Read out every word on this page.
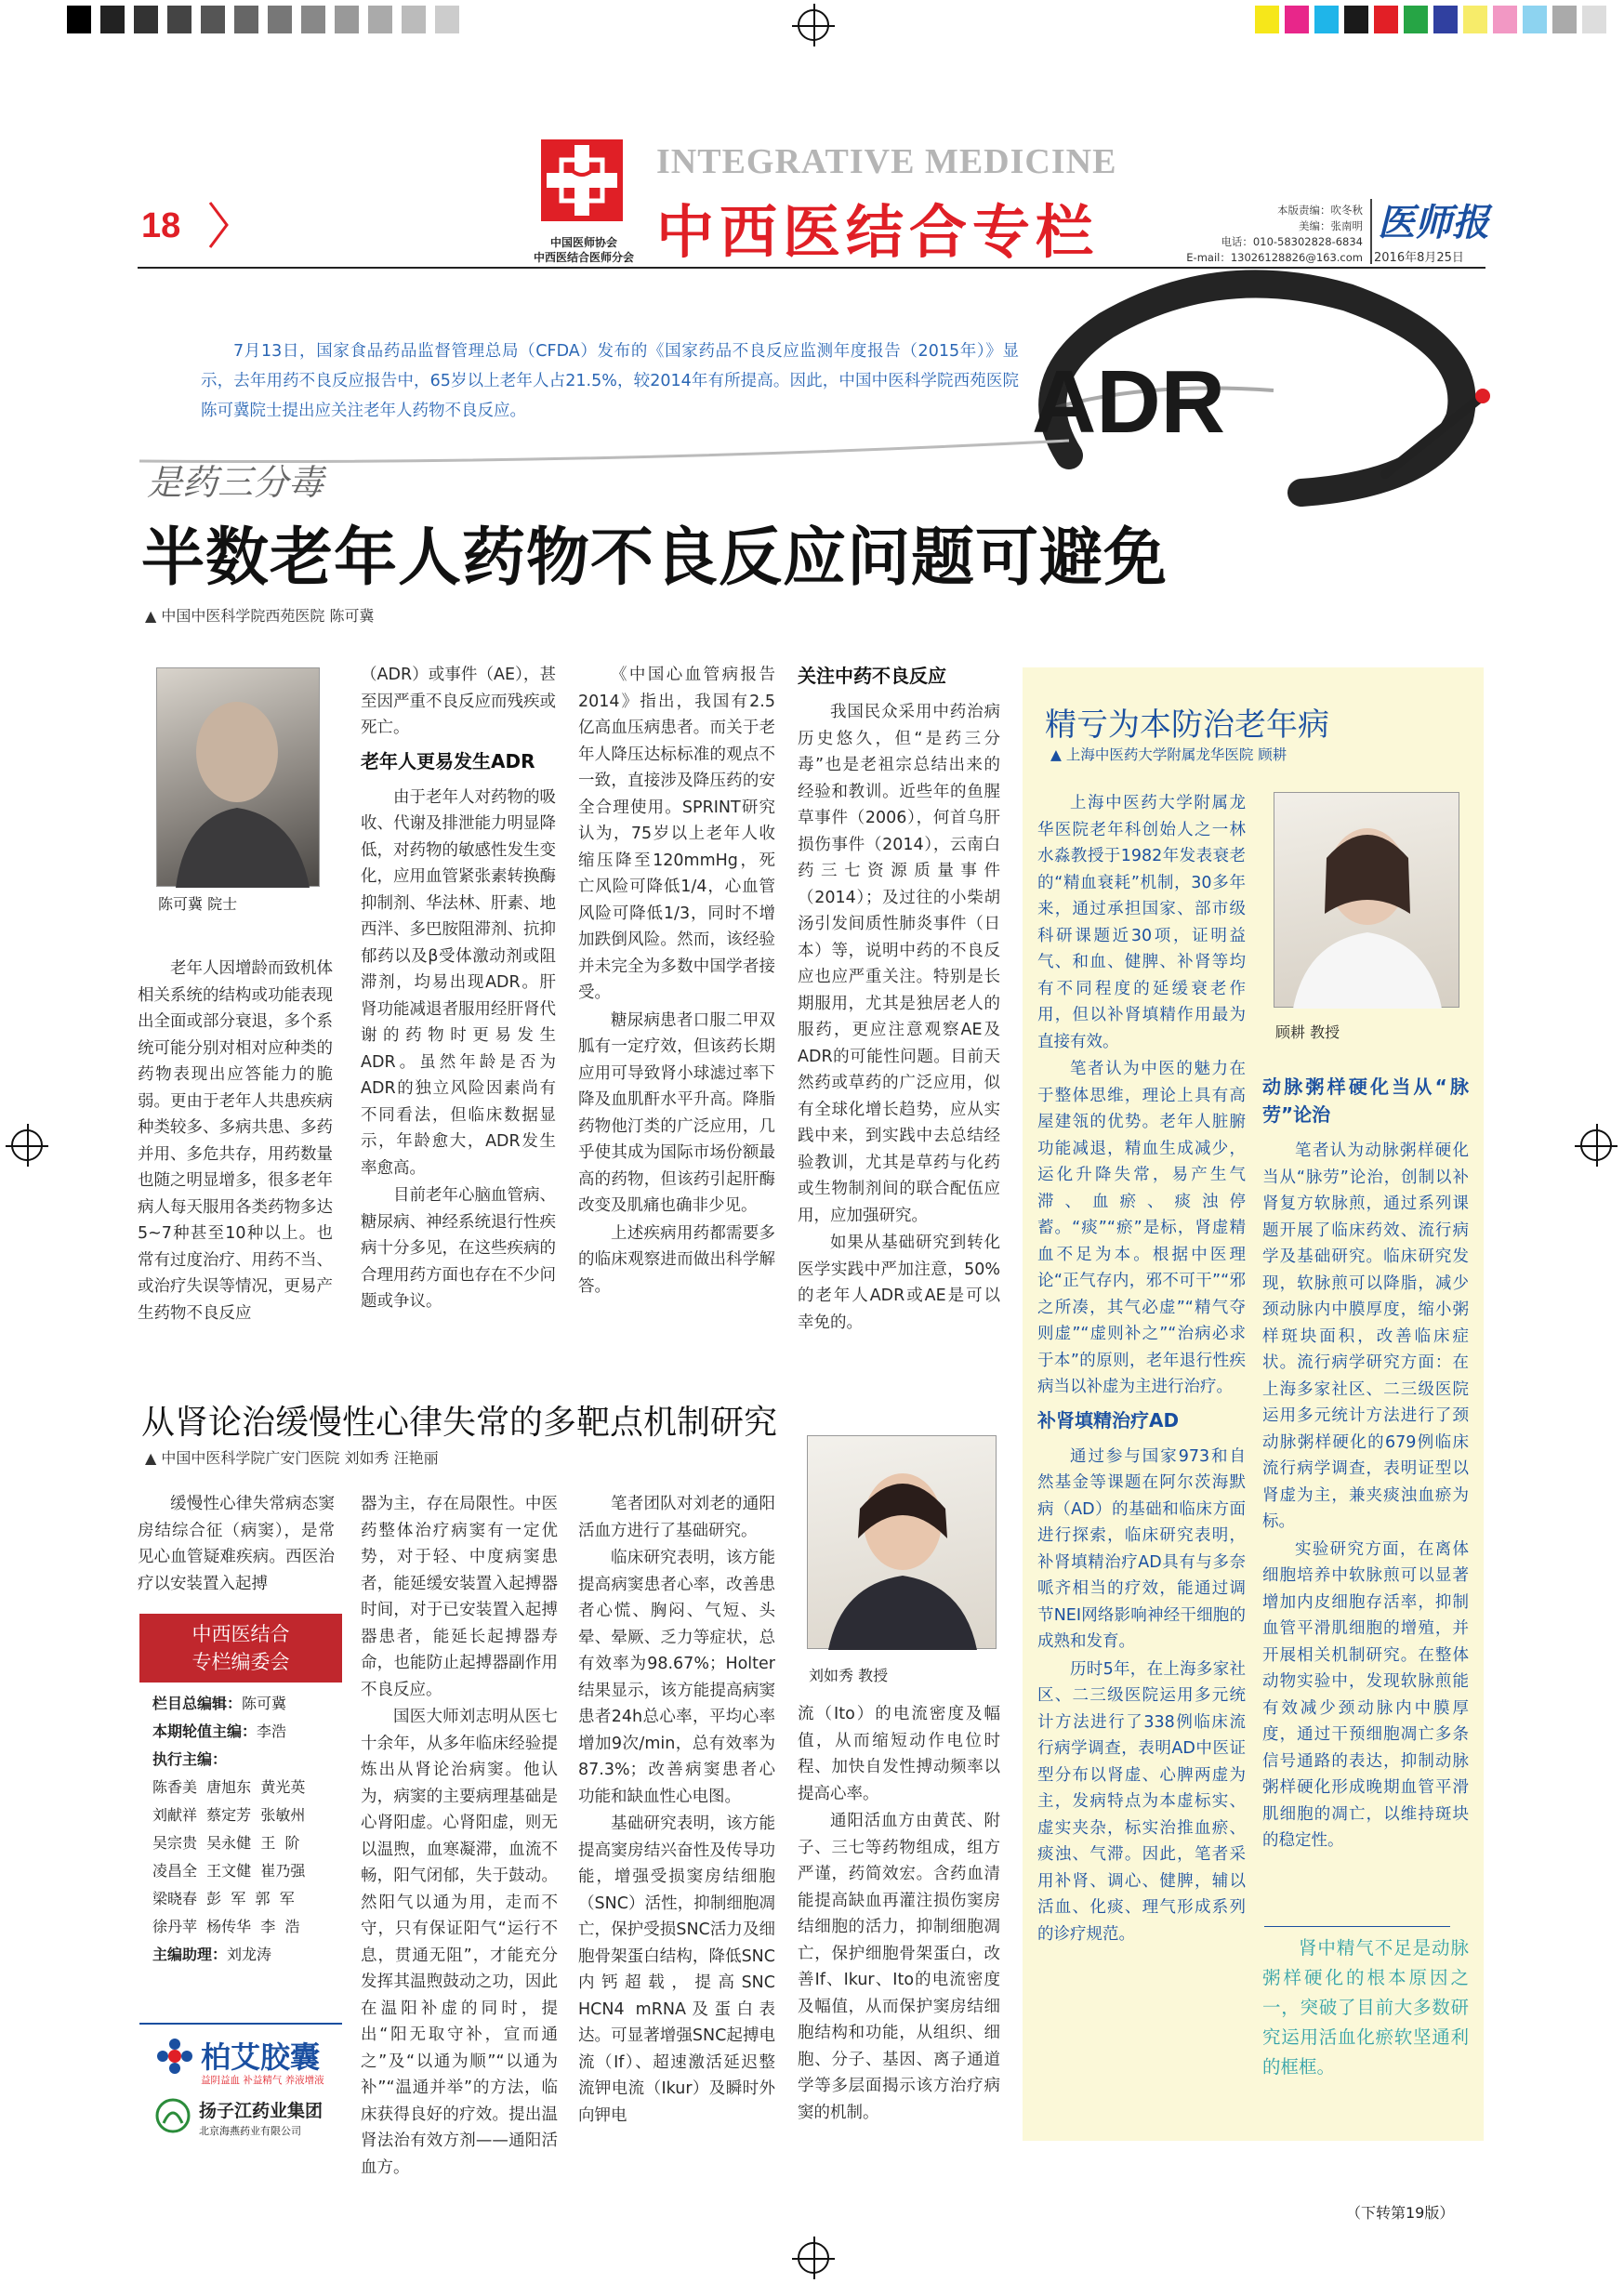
18	中国医师协会
中西医结合医师分会
INTEGRATIVE MEDICINE
中西医结合专栏	本版责编：吹冬秋
美编：张南明
电话：010-58302828-6834
E-mail：13026128826@163.com
医师报
2016年8月25日
7月13日，国家食品药品监督管理总局（CFDA）发布的《国家药品不良反应监测年度报告（2015年）》显示，去年用药不良反应报告中，65岁以上老年人占21.5%，较2014年有所提高。因此，中国中医科学院西苑医院陈可冀院士提出应关注老年人药物不良反应。	ADR
是药三分毒
半数老年人药物不良反应问题可避免
▲ 中国中医科学院西苑医院 陈可冀
陈可冀 院士

老年人因增龄而致机体相关系统的结构或功能表现出全面或部分衰退，多个系统可能分别对相对应种类的药物表现出应答能力的脆弱。更由于老年人共患疾病种类较多、多病共患、多药并用、多危共存，用药数量也随之明显增多，很多老年病人每天服用各类药物多达5~7种甚至10种以上。也常有过度治疗、用药不当、或治疗失误等情况，更易产生药物不良反应

（ADR）或事件（AE），甚至因严重不良反应而残疾或死亡。

老年人更易发生ADR

由于老年人对药物的吸收、代谢及排泄能力明显降低，对药物的敏感性发生变化，应用血管紧张素转换酶抑制剂、华法林、肝素、地西泮、多巴胺阻滞剂、抗抑郁药以及β受体激动剂或阻滞剂，均易出现ADR。肝肾功能减退者服用经肝肾代谢的药物时更易发生ADR。虽然年龄是否为ADR的独立风险因素尚有不同看法，但临床数据显示，年龄愈大，ADR发生率愈高。

目前老年心脑血管病、糖尿病、神经系统退行性疾病十分多见，在这些疾病的合理用药方面也存在不少问题或争议。

《中国心血管病报告2014》指出，我国有2.5亿高血压病患者。而关于老年人降压达标标准的观点不一致，直接涉及降压药的安全合理使用。SPRINT研究认为，75岁以上老年人收缩压降至120mmHg，死亡风险可降低1/4，心血管风险可降低1/3，同时不增加跌倒风险。然而，该经验并未完全为多数中国学者接受。

糖尿病患者口服二甲双胍有一定疗效，但该药长期应用可导致肾小球滤过率下降及血肌酐水平升高。降脂药物他汀类的广泛应用，几乎使其成为国际市场份额最高的药物，但该药引起肝酶改变及肌痛也确非少见。

上述疾病用药都需要多的临床观察进而做出科学解答。

关注中药不良反应

我国民众采用中药治病历史悠久，但“是药三分毒”也是老祖宗总结出来的经验和教训。近些年的鱼腥草事件（2006），何首乌肝损伤事件（2014），云南白药三七资源质量事件（2014）；及过往的小柴胡汤引发间质性肺炎事件（日本）等，说明中药的不良反应也应严重关注。特别是长期服用，尤其是独居老人的服药，更应注意观察AE及ADR的可能性问题。目前天然药或草药的广泛应用，似有全球化增长趋势，应从实践中来，到实践中去总结经验教训，尤其是草药与化药或生物制剂间的联合配伍应用，应加强研究。

如果从基础研究到转化医学实践中严加注意，50%的老年人ADR或AE是可以幸免的。

精亏为本防治老年病
▲ 上海中医药大学附属龙华医院 顾耕
顾耕 教授

上海中医药大学附属龙华医院老年科创始人之一林水淼教授于1982年发表衰老的“精血衰耗”机制，30多年来，通过承担国家、部市级科研课题近30项，证明益气、和血、健脾、补肾等均有不同程度的延缓衰老作用，但以补肾填精作用最为直接有效。

笔者认为中医的魅力在于整体思维，理论上具有高屋建瓴的优势。老年人脏腑功能减退，精血生成减少，运化升降失常，易产生气滞、血瘀、痰浊停蓄。“痰”“瘀”是标，肾虚精血不足为本。根据中医理论“正气存内，邪不可干”“邪之所凑，其气必虚”“精气夺则虚”“虚则补之”“治病必求于本”的原则，老年退行性疾病当以补虚为主进行治疗。

补肾填精治疗AD

通过参与国家973和自然基金等课题在阿尔茨海默病（AD）的基础和临床方面进行探索，临床研究表明，补肾填精治疗AD具有与多奈哌齐相当的疗效，能通过调节NEI网络影响神经干细胞的成熟和发育。

历时5年，在上海多家社区、二三级医院运用多元统计方法进行了338例临床流行病学调查，表明AD中医证型分布以肾虚、心脾两虚为主，发病特点为本虚标实、虚实夹杂，标实治推血瘀、痰浊、气滞。因此，笔者采用补肾、调心、健脾，辅以活血、化痰、理气形成系列的诊疗规范。

动脉粥样硬化当从“脉劳”论治

笔者认为动脉粥样硬化当从“脉劳”论治，创制以补肾复方软脉煎，通过系列课题开展了临床药效、流行病学及基础研究。临床研究发现，软脉煎可以降脂，减少颈动脉内中膜厚度，缩小粥样斑块面积，改善临床症状。流行病学研究方面：在上海多家社区、二三级医院运用多元统计方法进行了颈动脉粥样硬化的679例临床流行病学调查，表明证型以肾虚为主，兼夹痰浊血瘀为标。

实验研究方面，在离体细胞培养中软脉煎可以显著增加内皮细胞存活率，抑制血管平滑肌细胞的增殖，并开展相关机制研究。在整体动物实验中，发现软脉煎能有效减少颈动脉内中膜厚度，通过干预细胞凋亡多条信号通路的表达，抑制动脉粥样硬化形成晚期血管平滑肌细胞的凋亡，以维持斑块的稳定性。

肾中精气不足是动脉粥样硬化的根本原因之一，突破了目前大多数研究运用活血化瘀软坚通利的框框。
（下转第19版）
从肾论治缓慢性心律失常的多靶点机制研究
▲ 中国中医科学院广安门医院 刘如秀 汪艳丽

缓慢性心律失常病态窦房结综合征（病窦），是常见心血管疑难疾病。西医治疗以安装置入起搏

中西医结合
专栏编委会
栏目总编辑：陈可冀
本期轮值主编：李浩
执行主编：
陈香美  唐旭东  黄光英
刘献祥  蔡定芳  张敏州
吴宗贵  吴永健  王  阶
凌昌全  王文健  崔乃强
梁晓春  彭  军  郭  军
徐丹苹  杨传华  李  浩
主编助理：刘龙涛
柏艾胶囊
益阴益血 补益精气 养液增液
扬子江药业集团
北京海燕药业有限公司

器为主，存在局限性。中医药整体治疗病窦有一定优势，对于轻、中度病窦患者，能延缓安装置入起搏器时间，对于已安装置入起搏器患者，能延长起搏器寿命，也能防止起搏器副作用不良反应。

国医大师刘志明从医七十余年，从多年临床经验提炼出从肾论治病窦。他认为，病窦的主要病理基础是心肾阳虚。心肾阳虚，则无以温煦，血寒凝滞，血流不畅，阳气闭郁，失于鼓动。然阳气以通为用，走而不守，只有保证阳气“运行不息，贯通无阻”，才能充分发挥其温煦鼓动之功，因此在温阳补虚的同时，提出“阳无取守补，宣而通之”及“以通为顺”“以通为补”“温通并举”的方法，临床获得良好的疗效。提出温肾法治有效方剂——通阳活血方。

笔者团队对刘老的通阳活血方进行了基础研究。

临床研究表明，该方能提高病窦患者心率，改善患者心慌、胸闷、气短、头晕、晕厥、乏力等症状，总有效率为98.67%；Holter结果显示，该方能提高病窦患者24h总心率，平均心率增加9次/min，总有效率为87.3%；改善病窦患者心功能和缺血性心电图。

基础研究表明，该方能提高窦房结兴奋性及传导功能，增强受损窦房结细胞（SNC）活性，抑制细胞凋亡，保护受损SNC活力及细胞骨架蛋白结构，降低SNC内钙超载，提高SNC HCN4 mRNA及蛋白表达。可显著增强SNC起搏电流（If）、超速激活延迟整流钾电流（Ikur）及瞬时外向钾电

刘如秀 教授

流（Ito）的电流密度及幅值，从而缩短动作电位时程、加快自发性搏动频率以提高心率。

通阳活血方由黄芪、附子、三七等药物组成，组方严谨，药简效宏。含药血清能提高缺血再灌注损伤窦房结细胞的活力，抑制细胞凋亡，保护细胞骨架蛋白，改善If、Ikur、Ito的电流密度及幅值，从而保护窦房结细胞结构和功能，从组织、细胞、分子、基因、离子通道学等多层面揭示该方治疗病窦的机制。
